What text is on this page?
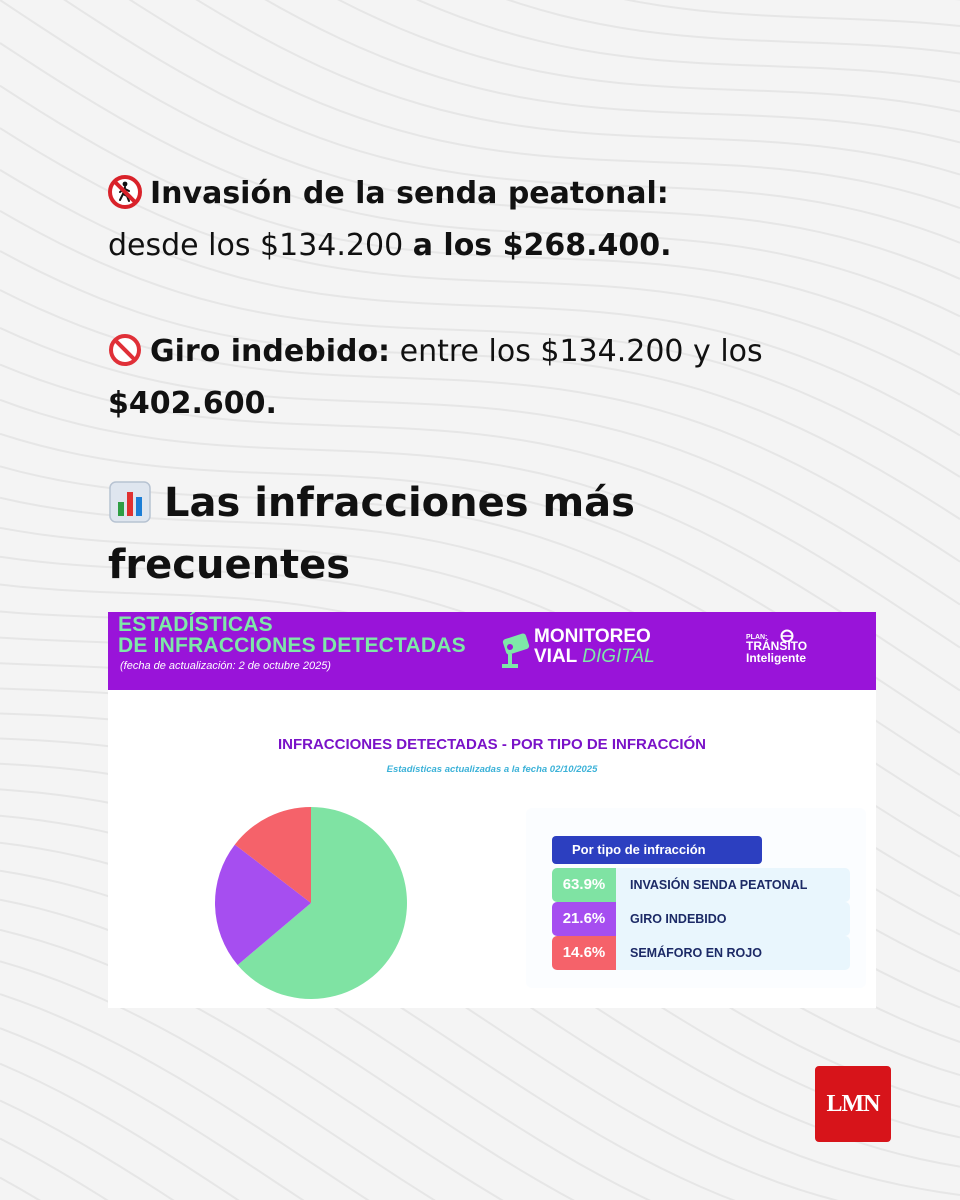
Invasión de la senda peatonal:
desde los $134.200 a los $268.400.
Giro indebido: entre los $134.200 y los $402.600.
Las infracciones más frecuentes
ESTADÍSTICAS
DE INFRACCIONES DETECTADAS
(fecha de actualización: 2 de octubre 2025)
MONITOREO
VIAL DIGITAL
PLAN:
TRÁNSITO
Inteligente
INFRACCIONES DETECTADAS - POR TIPO DE INFRACCIÓN
Estadísticas actualizadas a la fecha 02/10/2025
Por tipo de infracción
63.9%	INVASIÓN SENDA PEATONAL
21.6%	GIRO INDEBIDO
14.6%	SEMÁFORO EN ROJO
LMN
